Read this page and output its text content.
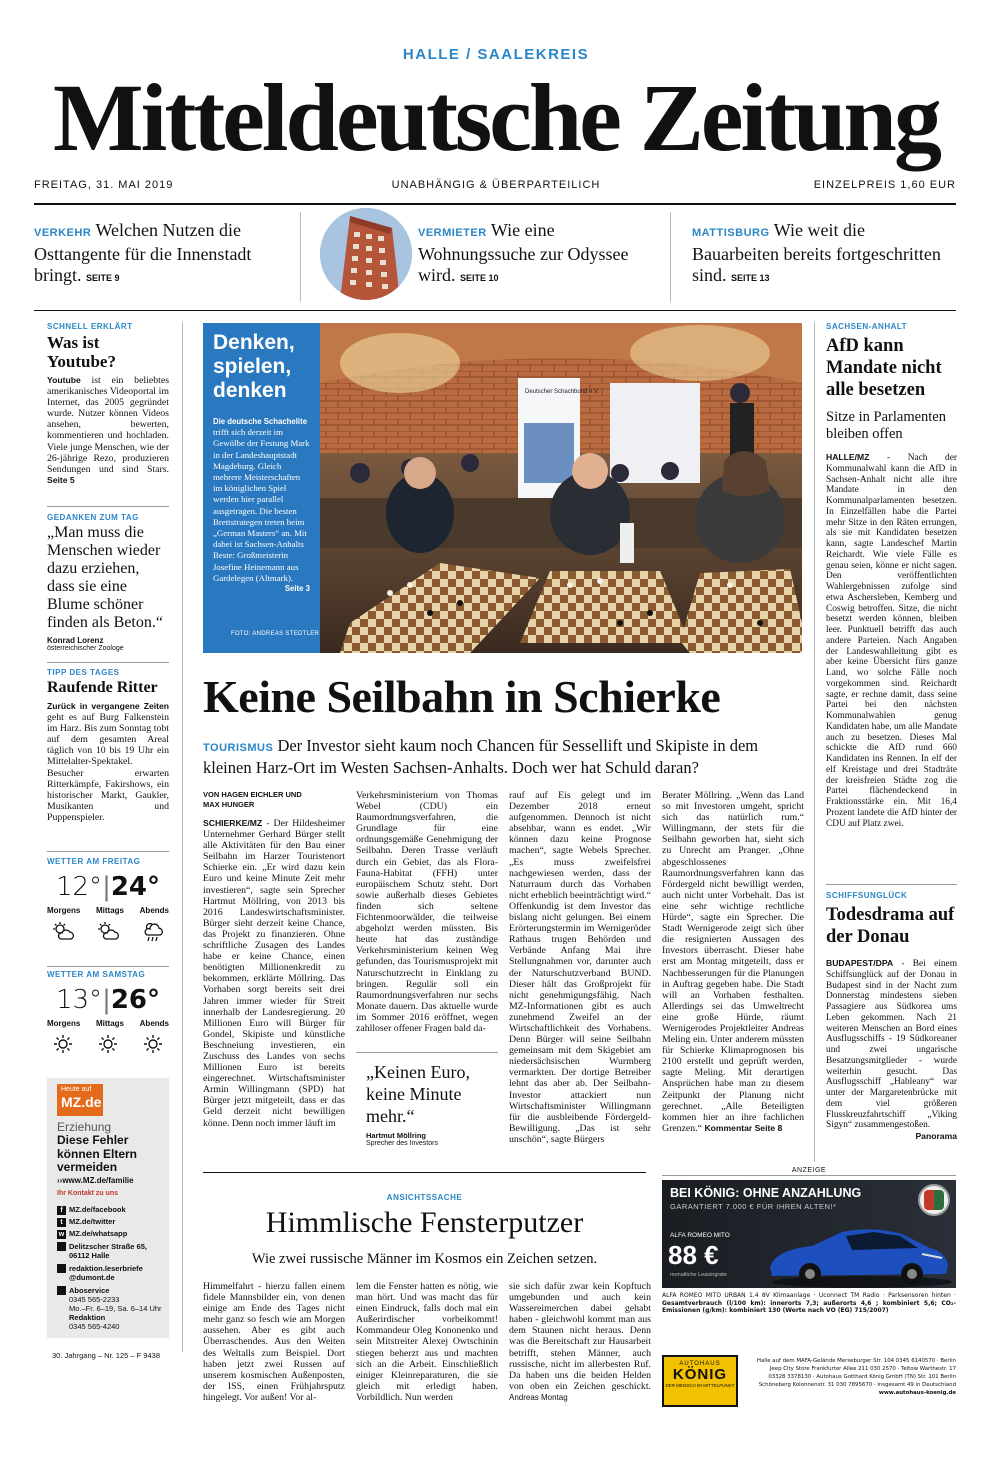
HALLE / SAALEKREIS
Mitteldeutsche Zeitung
FREITAG, 31. MAI 2019	UNABHÄNGIG & ÜBERPARTEILICH	EINZELPREIS 1,60 EUR
VERKEHR Welchen Nutzen die Osttangente für die Innenstadt bringt. SEITE 9
VERMIETER Wie eine Wohnungssuche zur Odyssee wird. SEITE 10
MATTISBURG Wie weit die Bauarbeiten bereits fortgeschritten sind. SEITE 13
SCHNELL ERKLÄRT
Was ist Youtube?
Youtube ist ein beliebtes amerikanisches Videoportal im Internet, das 2005 gegründet wurde. Nutzer können Videos ansehen, bewerten, kommentieren und hochladen. Viele junge Menschen, wie der 26-jährige Rezo, produzieren Sendungen und sind Stars. Seite 5
GEDANKEN ZUM TAG
„Man muss die Menschen wieder dazu erziehen, dass sie eine Blume schöner finden als Beton.“
Konrad Lorenz
österreichischer Zoologe
TIPP DES TAGES
Raufende Ritter
Zurück in vergangene Zeiten geht es auf Burg Falkenstein im Harz. Bis zum Sonntag tobt auf dem gesamten Areal täglich von 10 bis 19 Uhr ein Mittelalter-Spektakel. Besucher erwarten Ritterkämpfe, Fakirshows, ein historischer Markt, Gaukler, Musikanten und Puppenspieler.
WETTER AM FREITAG
12°|24°
Morgens Mittags Abends
WETTER AM SAMSTAG
13°|26°
Morgens Mittags Abends
Heute auf
MZ.de
Erziehung
Diese Fehler können Eltern vermeiden
››www.MZ.de/familie
Ihr Kontakt zu uns
f MZ.de/facebook
t MZ.de/twitter
w MZ.de/whatsapp
Delitzscher Straße 65, 06112 Halle
redaktion.leserbriefe @dumont.de
Aboservice
0345 565-2233
Mo.–Fr. 6–19, Sa. 6–14 Uhr
Redaktion
0345 565-4240
30. Jahrgang – Nr. 125 – F 9438
Denken, spielen, denken
Die deutsche Schachelite trifft sich derzeit im Gewölbe der Festung Mark in der Landeshauptstadt Magdeburg. Gleich mehrere Meisterschaften im königlichen Spiel werden hier parallel ausgetragen. Die besten Brettstrategen treten beim „German Masters“ an. Mit dabei ist Sachsen-Anhalts Beste: Großmeisterin Josefine Heinemann aus Gardelegen (Altmark).
Seite 3
FOTO: ANDREAS STEDTLER
Deutscher Schachbund e.V.
Keine Seilbahn in Schierke
TOURISMUS Der Investor sieht kaum noch Chancen für Sessellift und Skipiste in dem kleinen Harz-Ort im Westen Sachsen-Anhalts. Doch wer hat Schuld daran?
VON HAGEN EICHLER UND MAX HUNGER
SCHIERKE/MZ - Der Hildesheimer Unternehmer Gerhard Bürger stellt alle Aktivitäten für den Bau einer Seilbahn im Harzer Touristenort Schierke ein. „Er wird dazu kein Euro und keine Minute Zeit mehr investieren“, sagte sein Sprecher Hartmut Möllring, von 2013 bis 2016 Landeswirtschaftsminister. Bürger sieht derzeit keine Chance, das Projekt zu finanzieren. Ohne schriftliche Zusagen des Landes habe er keine Chance, einen benötigten Millionenkredit zu bekommen, erklärte Möllring. Das Vorhaben sorgt bereits seit drei Jahren immer wieder für Streit innerhalb der Landesregierung. 20 Millionen Euro will Bürger für Gondel, Skipiste und künstliche Beschneiung investieren, ein Zuschuss des Landes von sechs Millionen Euro ist bereits eingerechnet. Wirtschaftsminister Armin Willingmann (SPD) hat Bürger jetzt mitgeteilt, dass er das Geld derzeit nicht bewilligen könne. Denn noch immer läuft im
Verkehrsministerium von Thomas Webel (CDU) ein Raumordnungsverfahren, die Grundlage für eine ordnungsgemäße Genehmigung der Seilbahn. Deren Trasse verläuft durch ein Gebiet, das als Flora-Fauna-Habitat (FFH) unter europäischem Schutz steht. Dort sowie außerhalb dieses Gebietes finden sich seltene Fichtenmoorwälder, die teilweise abgeholzt werden müssten. Bis heute hat das zuständige Verkehrsministerium keinen Weg gefunden, das Tourismusprojekt mit Naturschutzrecht in Einklang zu bringen. Regulär soll ein Raumordnungsverfahren nur sechs Monate dauern. Das aktuelle wurde im Sommer 2016 eröffnet, wegen zahlloser offener Fragen bald da-
„Keinen Euro, keine Minute mehr.“
Hartmut Möllring
Sprecher des Investors
rauf auf Eis gelegt und im Dezember 2018 erneut aufgenommen. Dennoch ist nicht absehbar, wann es endet. „Wir können dazu keine Prognose machen“, sagte Webels Sprecher. „Es muss zweifelsfrei nachgewiesen werden, dass der Naturraum durch das Vorhaben nicht erheblich beeinträchtigt wird.“ Offenkundig ist dem Investor das bislang nicht gelungen. Bei einem Erörterungstermin im Wernigeröder Rathaus trugen Behörden und Verbände Anfang Mai ihre Stellungnahmen vor, darunter auch der Naturschutzverband BUND. Dieser hält das Großprojekt für nicht genehmigungsfähig. Nach MZ-Informationen gibt es auch zunehmend Zweifel an der Wirtschaftlichkeit des Vorhabens. Denn Bürger will seine Seilbahn gemeinsam mit dem Skigebiet am niedersächsischen Wurmberg vermarkten. Der dortige Betreiber lehnt das aber ab. Der Seilbahn-Investor attackiert nun Wirtschaftsminister Willingmann für die ausbleibende Fördergeld-Bewilligung. „Das ist sehr unschön“, sagte Bürgers
Berater Möllring. „Wenn das Land so mit Investoren umgeht, spricht sich das natürlich rum.“ Willingmann, der stets für die Seilbahn geworben hat, sieht sich zu Unrecht am Pranger. „Ohne abgeschlossenes Raumordnungsverfahren kann das Fördergeld nicht bewilligt werden, auch nicht unter Vorbehalt. Das ist eine sehr wichtige rechtliche Hürde“, sagte ein Sprecher. Die Stadt Wernigerode zeigt sich über die resignierten Aussagen des Investors überrascht. Dieser habe erst am Montag mitgeteilt, dass er Nachbesserungen für die Planungen in Auftrag gegeben habe. Die Stadt will an Vorhaben festhalten. Allerdings sei das Umweltrecht eine große Hürde, räumt Wernigerodes Projektleiter Andreas Meling ein. Unter anderem müssten für Schierke Klimaprognosen bis 2100 erstellt und geprüft werden, sagte Meling. Mit derartigen Ansprüchen habe man zu diesem Zeitpunkt der Planung nicht gerechnet. „Alle Beteiligten kommen hier an ihre fachlichen Grenzen.“ Kommentar Seite 8
SACHSEN-ANHALT
AfD kann Mandate nicht alle besetzen
Sitze in Parlamenten bleiben offen
HALLE/MZ - Nach der Kommunalwahl kann die AfD in Sachsen-Anhalt nicht alle ihre Mandate in den Kommunalparlamenten besetzen. In Einzelfällen habe die Partei mehr Sitze in den Räten errungen, als sie mit Kandidaten besetzen kann, sagte Landeschef Martin Reichardt. Wie viele Fälle es genau seien, könne er nicht sagen. Den veröffentlichten Wahlergebnissen zufolge sind etwa Aschersleben, Kemberg und Coswig betroffen. Sitze, die nicht besetzt werden können, bleiben leer. Punktuell betrifft das auch andere Parteien. Nach Angaben der Landeswahlleitung gibt es aber keine Übersicht fürs ganze Land, wo solche Fälle noch vorgekommen sind. Reichardt sagte, er rechne damit, dass seine Partei bei den nächsten Kommunalwahlen genug Kandidaten habe, um alle Mandate auch zu besetzen. Dieses Mal schickte die AfD rund 660 Kandidaten ins Rennen. In elf der elf Kreistage und drei Stadträte der kreisfreien Städte zog die Partei flächendeckend in Fraktionsstärke ein. Mit 16,4 Prozent landete die AfD hinter der CDU auf Platz zwei.
SCHIFFSUNGLÜCK
Todesdrama auf der Donau
BUDAPEST/DPA - Bei einem Schiffsunglück auf der Donau in Budapest sind in der Nacht zum Donnerstag mindestens sieben Passagiere aus Südkorea ums Leben gekommen. Nach 21 weiteren Menschen an Bord eines Ausflugsschiffs - 19 Südkoreaner und zwei ungarische Besatzungsmitglieder - wurde weiterhin gesucht. Das Ausflugsschiff „Hableany“ war unter der Margaretenbrücke mit dem viel größeren Flusskreuzfahrtschiff „Viking Sigyn“ zusammengestoßen.
Panorama
ANSICHTSSACHE
Himmlische Fensterputzer
Wie zwei russische Männer im Kosmos ein Zeichen setzen.
Himmelfahrt - hierzu fallen einem fidele Mannsbilder ein, von denen einige am Ende des Tages nicht mehr ganz so fesch wie am Morgen aussehen. Aber es gibt auch Überraschendes. Aus den Weiten des Weltalls zum Beispiel. Dort haben jetzt zwei Russen auf unserem kosmischen Außenposten, der ISS, einen Frühjahrsputz hingelegt. Vor außen! Vor al-
lem die Fenster hatten es nötig, wie man hört. Und was macht das für einen Eindruck, falls doch mal ein Außerirdischer vorbeikommt! Kommandeur Oleg Kononenko und sein Mitstreiter Alexej Owtschinin stiegen beherzt aus und machten sich an die Arbeit. Einschließlich einiger Kleinreparaturen, die sie gleich mit erledigt haben. Vorbildlich. Nun werden
sie sich dafür zwar kein Kopftuch umgebunden und auch kein Wassereimerchen dabei gehabt haben - gleichwohl kommt man aus dem Staunen nicht heraus. Denn was die Bereitschaft zur Hausarbeit betrifft, stehen Männer, auch russische, nicht im allerbesten Ruf. Da haben uns die beiden Helden von oben ein Zeichen geschickt. Andreas Montag
ANZEIGE
BEI KÖNIG: OHNE ANZAHLUNG
GARANTIERT 7.000 € FÜR IHREN ALTEN!*
ALFA ROMEO MITO
88 €
monatliche Leasingrate
ALFA ROMEO MITO URBAN 1.4 8V Klimaanlage · Uconnect TM Radio · Parksensoren hinten · Gesamtverbrauch (l/100 km): innerorts 7,3; außerorts 4,6 ; kombiniert 5,6; CO₂-Emissionen (g/km): kombiniert 130 (Werte nach VO (EG) 715/2007)
AUTOHAUS
KÖNIG
DER MENSCH IM MITTELPUNKT
Halle auf dem MAFA-Gelände Merseburger Str. 104 0345 6140570 · Berlin
Jeep City Store Frankfurter Allee 211 030 2570 · Teltow Warthestr. 17
03328 3378130 · Autohaus Gotthard König GmbH (TN) Str. 101 Berlin
Schöneberg Kolonnenstr. 31 030 7895670 · insgesamt 49 in Deutschland
www.autohaus-koenig.de
